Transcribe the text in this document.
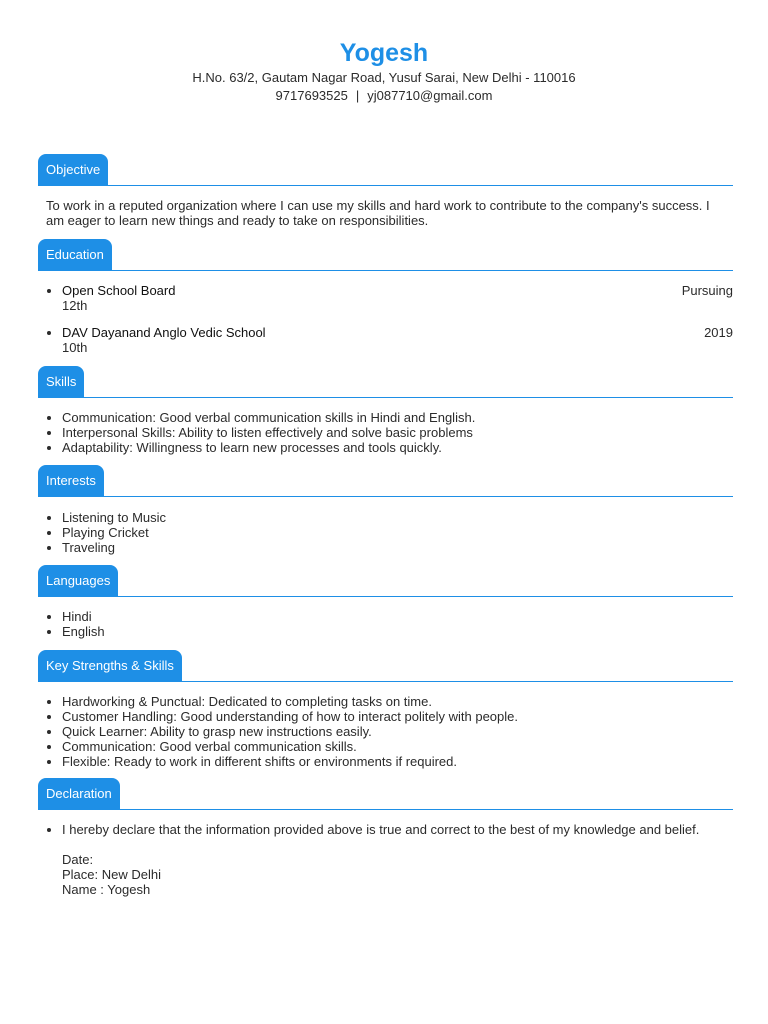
Yogesh
H.No. 63/2, Gautam Nagar Road, Yusuf Sarai, New Delhi - 110016
9717693525 | yj087710@gmail.com
Objective
To work in a reputed organization where I can use my skills and hard work to contribute to the company's success. I am eager to learn new things and ready to take on responsibilities.
Education
• Open School Board
12th
Pursuing
• DAV Dayanand Anglo Vedic School
10th
2019
Skills
• Communication: Good verbal communication skills in Hindi and English.
• Interpersonal Skills: Ability to listen effectively and solve basic problems
• Adaptability: Willingness to learn new processes and tools quickly.
Interests
• Listening to Music
• Playing Cricket
• Traveling
Languages
• Hindi
• English
Key Strengths & Skills
• Hardworking & Punctual: Dedicated to completing tasks on time.
• Customer Handling: Good understanding of how to interact politely with people.
• Quick Learner: Ability to grasp new instructions easily.
• Communication: Good verbal communication skills.
• Flexible: Ready to work in different shifts or environments if required.
Declaration
• I hereby declare that the information provided above is true and correct to the best of my knowledge and belief.
Date:
Place: New Delhi
Name : Yogesh
